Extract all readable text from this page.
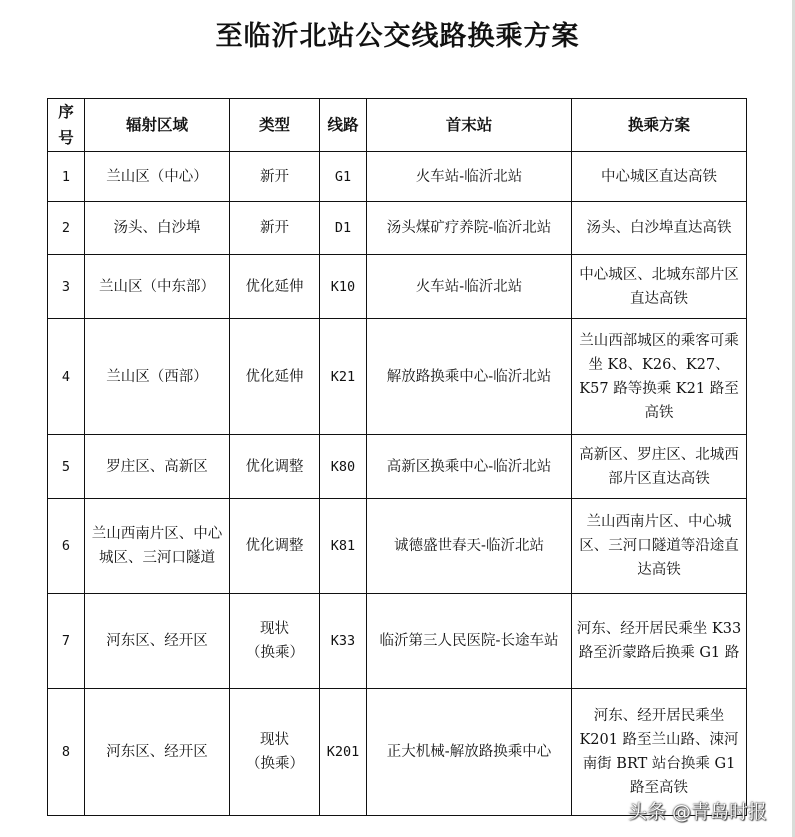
至临沂北站公交线路换乘方案
序号	辐射区域	类型	线路	首末站	换乘方案
1	兰山区（中心）	新开	G1	火车站-临沂北站	中心城区直达高铁
2	汤头、白沙埠	新开	D1	汤头煤矿疗养院-临沂北站	汤头、白沙埠直达高铁
3	兰山区（中东部）	优化延伸	K10	火车站-临沂北站	中心城区、北城东部片区直达高铁
4	兰山区（西部）	优化延伸	K21	解放路换乘中心-临沂北站	兰山西部城区的乘客可乘坐 K8、K26、K27、K57 路等换乘 K21 路至高铁
5	罗庄区、高新区	优化调整	K80	高新区换乘中心-临沂北站	高新区、罗庄区、北城西部片区直达高铁
6	兰山西南片区、中心城区、三河口隧道	优化调整	K81	诚德盛世春天-临沂北站	兰山西南片区、中心城区、三河口隧道等沿途直达高铁
7	河东区、经开区	现状（换乘）	K33	临沂第三人民医院-长途车站	河东、经开居民乘坐 K33 路至沂蒙路后换乘 G1 路
8	河东区、经开区	现状（换乘）	K201	正大机械-解放路换乘中心	河东、经开居民乘坐 K201 路至兰山路、涑河南街 BRT 站台换乘 G1 路至高铁
头条 @青岛时报
